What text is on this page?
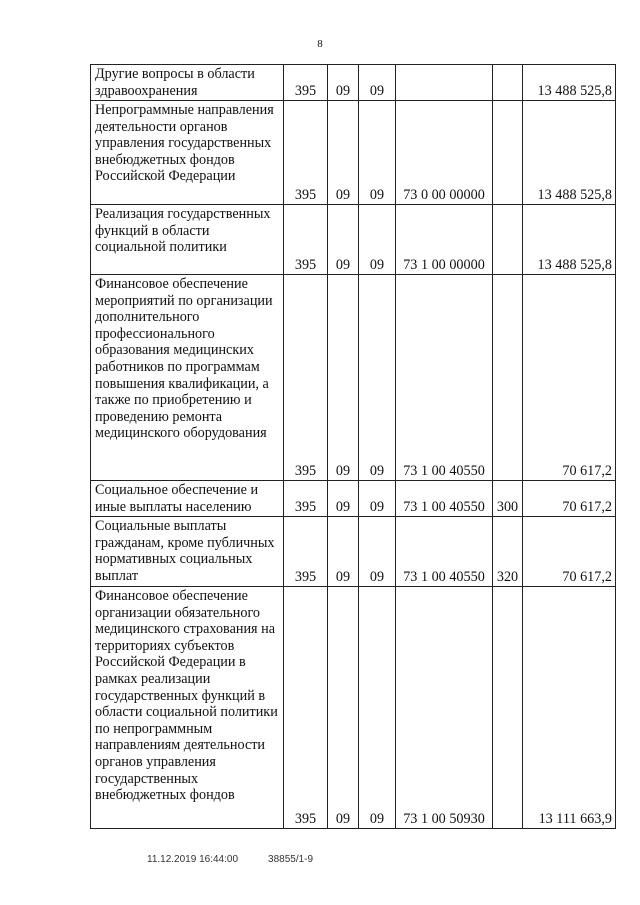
8
Другие вопросы в области здравоохранения	395	09	09			13 488 525,8
Непрограммные направления деятельности органов управления государственных внебюджетных фондов Российской Федерации	395	09	09	73 0 00 00000		13 488 525,8
Реализация государственных функций в области социальной политики	395	09	09	73 1 00 00000		13 488 525,8
Финансовое обеспечение мероприятий по организации дополнительного профессионального образования медицинских работников по программам повышения квалификации, а также по приобретению и проведению ремонта медицинского оборудования	395	09	09	73 1 00 40550		70 617,2
Социальное обеспечение и иные выплаты населению	395	09	09	73 1 00 40550	300	70 617,2
Социальные выплаты гражданам, кроме публичных нормативных социальных выплат	395	09	09	73 1 00 40550	320	70 617,2
Финансовое обеспечение организации обязательного медицинского страхования на территориях субъектов Российской Федерации в рамках реализации государственных функций в области социальной политики по непрограммным направлениям деятельности органов управления государственных внебюджетных фондов	395	09	09	73 1 00 50930		13 111 663,9
11.12.2019 16:44:00	38855/1-9
